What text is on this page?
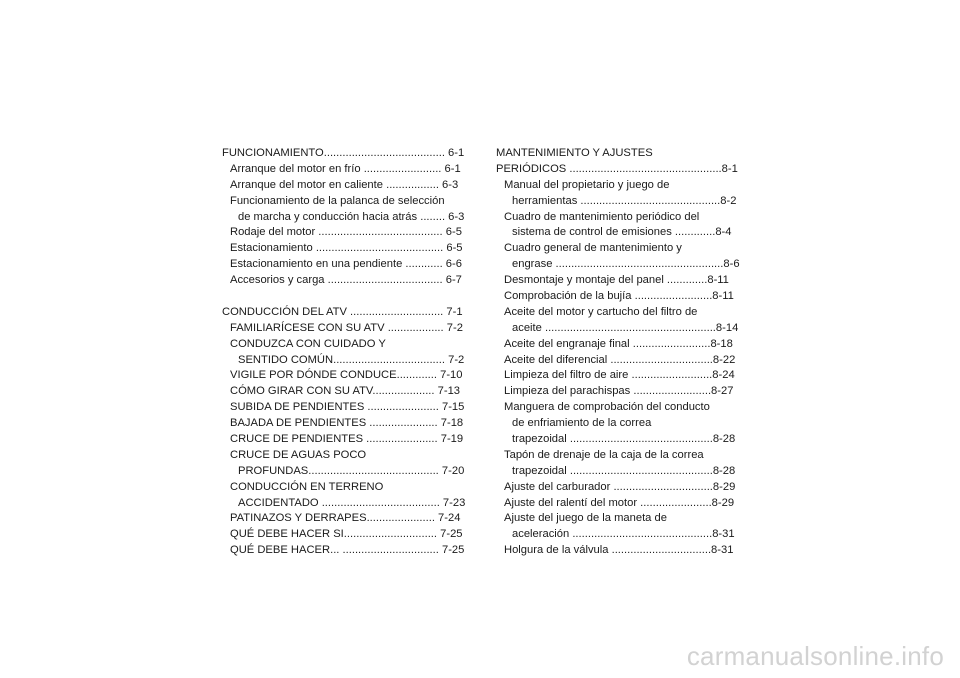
FUNCIONAMIENTO....................................... 6-1
Arranque del motor en frío ......................... 6-1
Arranque del motor en caliente ................. 6-3
Funcionamiento de la palanca de selección
de marcha y conducción hacia atrás ........ 6-3
Rodaje del motor ........................................ 6-5
Estacionamiento ......................................... 6-5
Estacionamiento en una pendiente ............ 6-6
Accesorios y carga ..................................... 6-7
CONDUCCIÓN DEL ATV .............................. 7-1
FAMILIARÍCESE CON SU ATV .................. 7-2
CONDUZCA CON CUIDADO Y
SENTIDO COMÚN.................................... 7-2
VIGILE POR DÓNDE CONDUCE............. 7-10
CÓMO GIRAR CON SU ATV.................... 7-13
SUBIDA DE PENDIENTES ....................... 7-15
BAJADA DE PENDIENTES ...................... 7-18
CRUCE DE PENDIENTES ....................... 7-19
CRUCE DE AGUAS POCO
PROFUNDAS.......................................... 7-20
CONDUCCIÓN EN TERRENO
ACCIDENTADO ...................................... 7-23
PATINAZOS Y DERRAPES...................... 7-24
QUÉ DEBE HACER SI.............................. 7-25
QUÉ DEBE HACER... ............................... 7-25
MANTENIMIENTO Y AJUSTES
PERIÓDICOS .................................................8-1
Manual del propietario y juego de
herramientas .............................................8-2
Cuadro de mantenimiento periódico del
sistema de control de emisiones .............8-4
Cuadro general de mantenimiento y
engrase ......................................................8-6
Desmontaje y montaje del panel .............8-11
Comprobación de la bujía .........................8-11
Aceite del motor y cartucho del filtro de
aceite .......................................................8-14
Aceite del engranaje final .........................8-18
Aceite del diferencial .................................8-22
Limpieza del filtro de aire ..........................8-24
Limpieza del parachispas .........................8-27
Manguera de comprobación del conducto
de enfriamiento de la correa
trapezoidal ..............................................8-28
Tapón de drenaje de la caja de la correa
trapezoidal ..............................................8-28
Ajuste del carburador ................................8-29
Ajuste del ralentí del motor .......................8-29
Ajuste del juego de la maneta de
aceleración .............................................8-31
Holgura de la válvula ................................8-31
carmanualsonline.info
